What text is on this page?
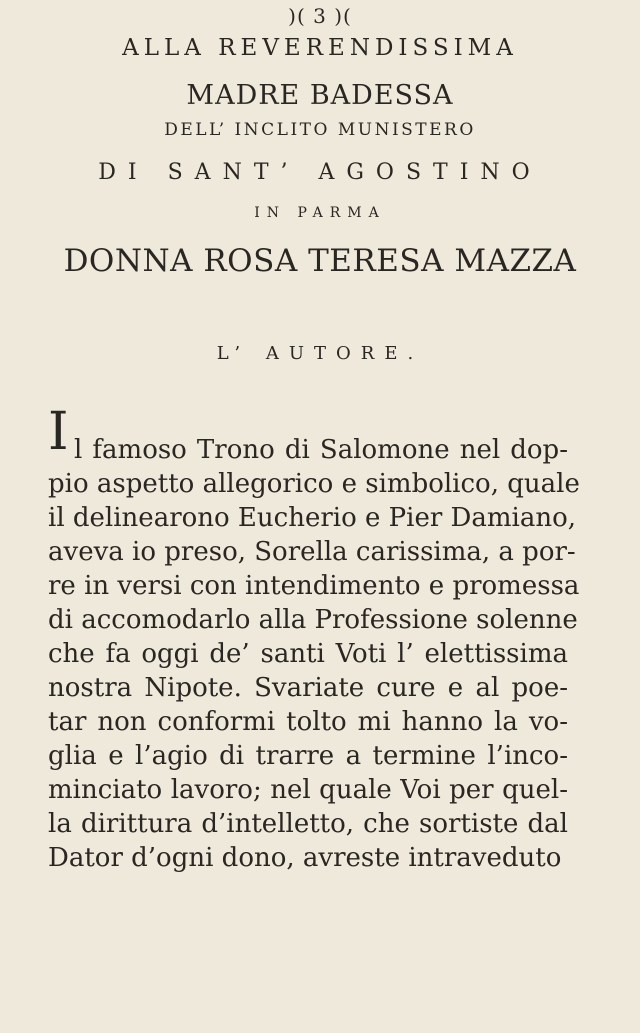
)( 3 )(
ALLA REVERENDISSIMA
MADRE BADESSA
DELL’ INCLITO MUNISTERO
DI SANT’ AGOSTINO
IN PARMA
DONNA ROSA TERESA MAZZA
L’ AUTORE.
I l famoso Trono di Salomone nel dop-
pio aspetto allegorico e simbolico, quale
il delinearono Eucherio e Pier Damiano,
aveva io preso, Sorella carissima, a por-
re in versi con intendimento e promessa
di accomodarlo alla Professione solenne
che fa oggi de’ santi Voti l’ elettissima
nostra Nipote. Svariate cure e al poe-
tar non conformi tolto mi hanno la vo-
glia e l’agio di trarre a termine l’inco-
minciato lavoro; nel quale Voi per quel-
la dirittura d’intelletto, che sortiste dal
Dator d’ogni dono, avreste intraveduto
